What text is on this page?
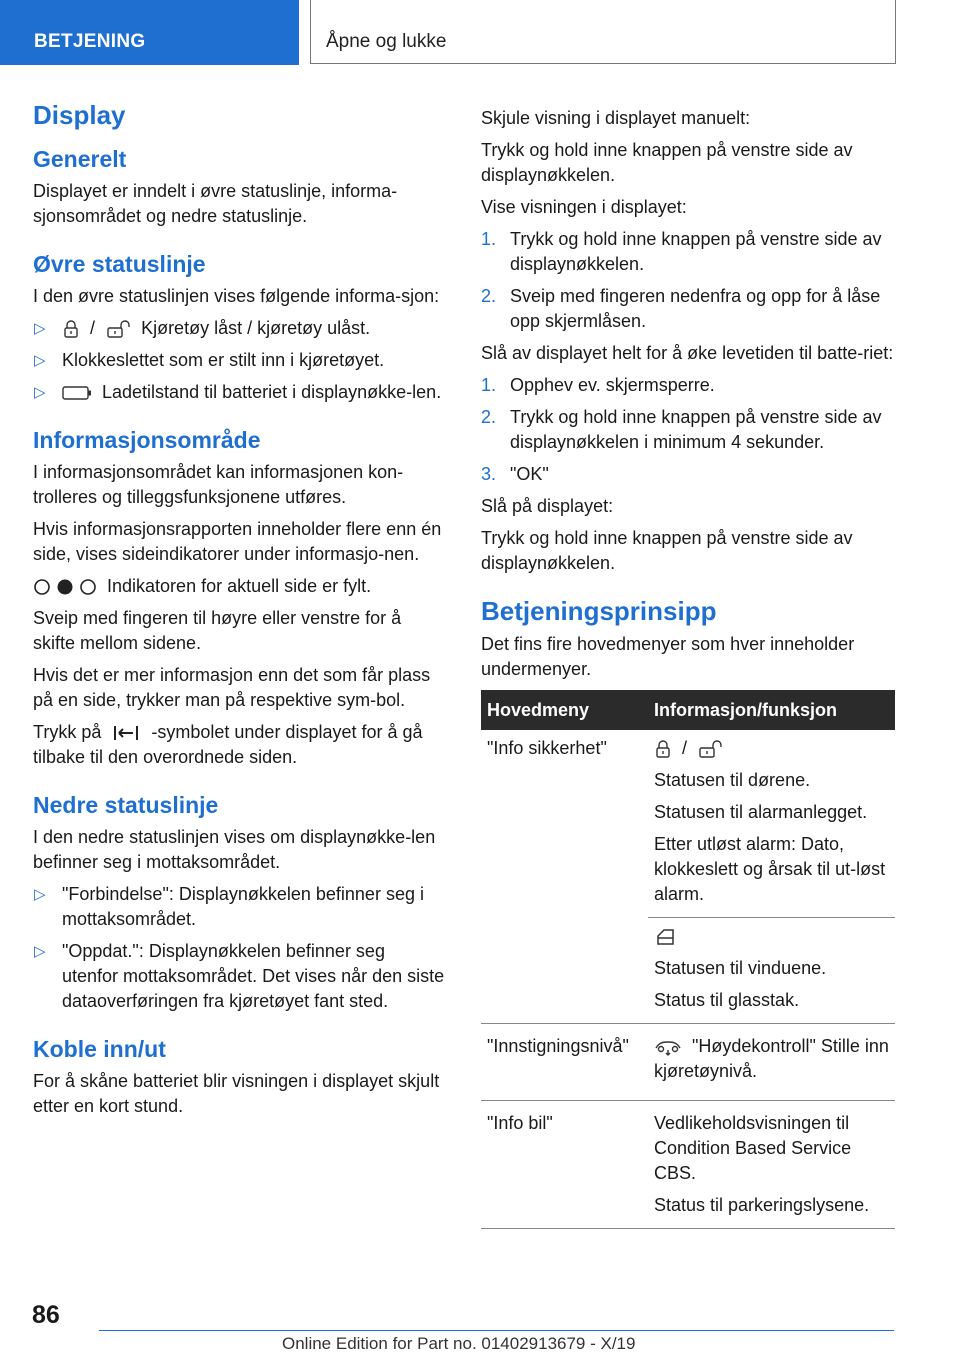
BETJENING	Åpne og lukke
Display
Generelt

Displayet er inndelt i øvre statuslinje, informa-sjonsområdet og nedre statuslinje.

Øvre statuslinje

I den øvre statuslinjen vises følgende informa-sjon:

▷ /	Kjøretøy låst / kjøretøy ulåst.
▷ Klokkeslettet som er stilt inn i kjøretøyet.
▷	Ladetilstand til batteriet i displaynøkke-len.
Informasjonsområde

I informasjonsområdet kan informasjonen kon-trolleres og tilleggsfunksjonene utføres.

Hvis informasjonsrapporten inneholder flere enn én side, vises sideindikatorer under informasjo-nen.

Indikatoren for aktuell side er fylt.

Sveip med fingeren til høyre eller venstre for å skifte mellom sidene.

Hvis det er mer informasjon enn det som får plass på en side, trykker man på respektive sym-bol.

Trykk på	-symbolet under displayet for å gå tilbake til den overordnede siden.

Nedre statuslinje

I den nedre statuslinjen vises om displaynøkke-len befinner seg i mottaksområdet.

▷ "Forbindelse": Displaynøkkelen befinner seg i mottaksområdet.
▷ "Oppdat.": Displaynøkkelen befinner seg utenfor mottaksområdet. Det vises når den siste dataoverføringen fra kjøretøyet fant sted.
Koble inn/ut

For å skåne batteriet blir visningen i displayet skjult etter en kort stund.

Skjule visning i displayet manuelt:

Trykk og hold inne knappen på venstre side av displaynøkkelen.

Vise visningen i displayet:

1. Trykk og hold inne knappen på venstre side av displaynøkkelen.
2. Sveip med fingeren nedenfra og opp for å låse opp skjermlåsen.

Slå av displayet helt for å øke levetiden til batte-riet:

1. Opphev ev. skjermsperre.
2. Trykk og hold inne knappen på venstre side av displaynøkkelen i minimum 4 sekunder.
3. "OK"

Slå på displayet:

Trykk og hold inne knappen på venstre side av displaynøkkelen.

Betjeningsprinsipp

Det fins fire hovedmenyer som hver inneholder undermenyer.

Hovedmeny	Informasjon/funksjon
"Info sikkerhet"	/

Statusen til dørene.

Statusen til alarmanlegget.

Etter utløst alarm: Dato, klokkeslett og årsak til ut-løst alarm.

	Statusen til vinduene.

Status til glasstak.

"Innstigningsnivå"	"Høydekontroll" Stille inn kjøretøynivå.
"Info bil"	Vedlikeholdsvisningen til Condition Based Service CBS.

Status til parkeringslysene.

86
Online Edition for Part no. 01402913679 - X/19
